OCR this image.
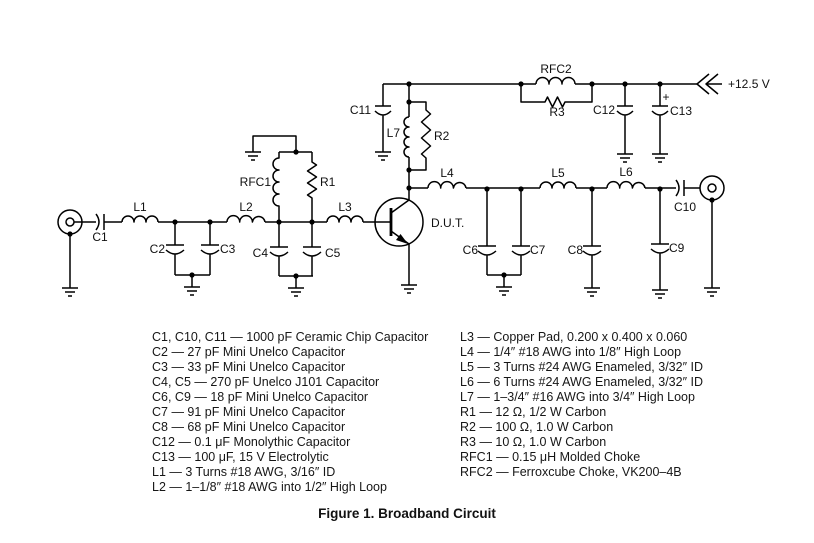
C1
L1
C2	C3
L2
RFC1	R1
C4	C5
L3
D.U.T.
C11
L7	R2
L4	L5	L6
C6	C7 C8	C9
C10
RFC2
R3 C12	C13
+
+12.5 V
C1, C10, C11 — 1000 pF Ceramic Chip Capacitor
C2 — 27 pF Mini Unelco Capacitor
C3 — 33 pF Mini Unelco Capacitor
C4, C5 — 270 pF Unelco J101 Capacitor
C6, C9 — 18 pF Mini Unelco Capacitor
C7 — 91 pF Mini Unelco Capacitor
C8 — 68 pF Mini Unelco Capacitor
C12 — 0.1 μF Monolythic Capacitor
C13 — 100 μF, 15 V Electrolytic
L1 — 3 Turns #18 AWG, 3/16″ ID
L2 — 1–1/8″ #18 AWG into 1/2″ High Loop
L3 — Copper Pad, 0.200 x 0.400 x 0.060
L4 — 1/4″ #18 AWG into 1/8″ High Loop
L5 — 3 Turns #24 AWG Enameled, 3/32″ ID
L6 — 6 Turns #24 AWG Enameled, 3/32″ ID
L7 — 1–3/4″ #16 AWG into 3/4″ High Loop
R1 — 12 Ω, 1/2 W Carbon
R2 — 100 Ω, 1.0 W Carbon
R3 — 10 Ω, 1.0 W Carbon
RFC1 — 0.15 μH Molded Choke
RFC2 — Ferroxcube Choke, VK200–4B
Figure 1. Broadband Circuit
